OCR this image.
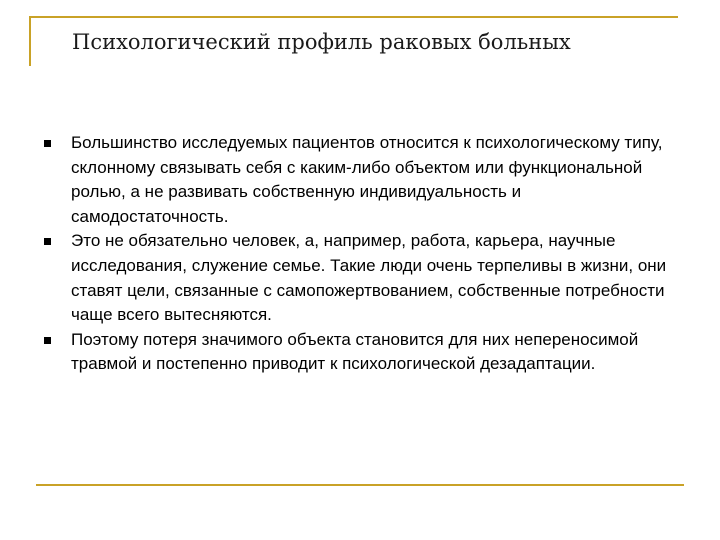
Психологический профиль раковых больных
Большинство исследуемых пациентов относится к психологическому типу, склонному связывать себя с каким-либо объектом или функциональной ролью, а не развивать собственную индивидуальность и самодостаточность.
Это не обязательно человек, а, например, работа, карьера, научные исследования, служение семье. Такие люди очень терпеливы в жизни, они ставят цели, связанные с самопожертвованием, собственные потребности чаще всего вытесняются.
Поэтому потеря значимого объекта становится для них непереносимой травмой и постепенно приводит к психологической дезадаптации.
